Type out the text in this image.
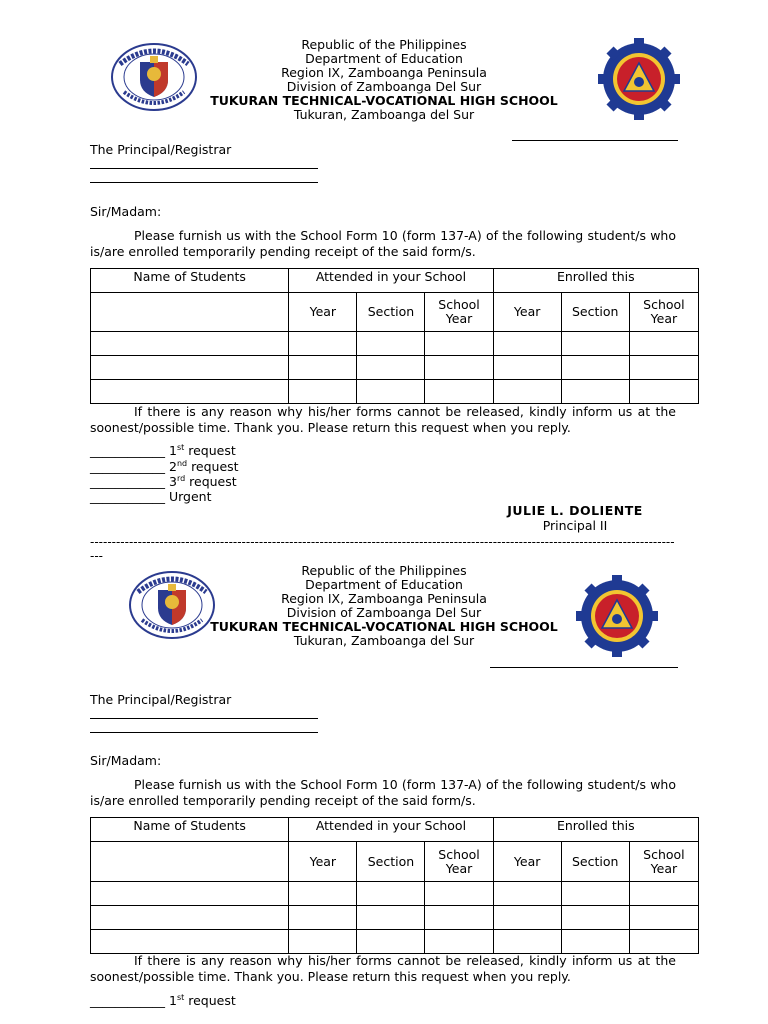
Republic of the Philippines
Department of Education
Region IX, Zamboanga Peninsula
Division of Zamboanga Del Sur
TUKURAN TECHNICAL-VOCATIONAL HIGH SCHOOL
Tukuran, Zamboanga del Sur
The Principal/Registrar
Sir/Madam:
Please furnish us with the School Form 10 (form 137-A) of the following student/s who is/are enrolled temporarily pending receipt of the said form/s.
Name of Students	Attended in your School			Enrolled this		
	Year	Section	School Year	Year	Section	School Year

If there is any reason why his/her forms cannot be released, kindly inform us at the soonest/possible time. Thank you. Please return this request when you reply.
____________ 1st request
____________ 2nd request
____________ 3rd request
____________ Urgent
JULIE L. DOLIENTE
Principal II
------------------------------------------------------------------------------------------------------------------------------------------
Republic of the Philippines
Department of Education
Region IX, Zamboanga Peninsula
Division of Zamboanga Del Sur
TUKURAN TECHNICAL-VOCATIONAL HIGH SCHOOL
Tukuran, Zamboanga del Sur
The Principal/Registrar
Sir/Madam:
Please furnish us with the School Form 10 (form 137-A) of the following student/s who is/are enrolled temporarily pending receipt of the said form/s.
Name of Students	Attended in your School			Enrolled this		
	Year	Section	School Year	Year	Section	School Year

If there is any reason why his/her forms cannot be released, kindly inform us at the soonest/possible time. Thank you. Please return this request when you reply.
____________ 1st request
